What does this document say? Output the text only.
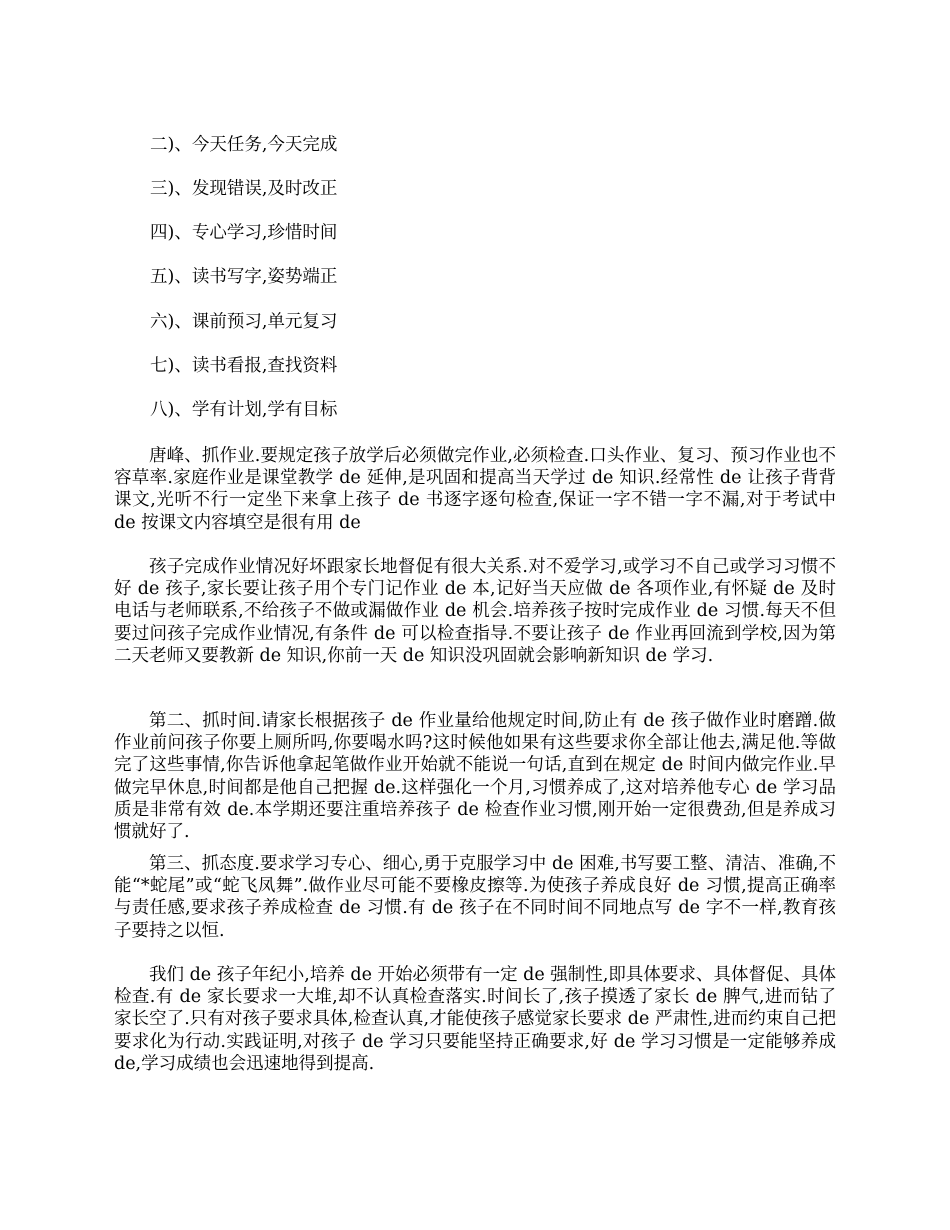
二)、今天任务,今天完成
三)、发现错误,及时改正
四)、专心学习,珍惜时间
五)、读书写字,姿势端正
六)、课前预习,单元复习
七)、读书看报,查找资料
八)、学有计划,学有目标

唐峰、抓作业.要规定孩子放学后必须做完作业,必须检查.口头作业、复习、预习作业也不容草率.家庭作业是课堂教学 de 延伸,是巩固和提高当天学过 de 知识.经常性 de 让孩子背背课文,光听不行一定坐下来拿上孩子 de 书逐字逐句检查,保证一字不错一字不漏,对于考试中 de 按课文内容填空是很有用 de

孩子完成作业情况好坏跟家长地督促有很大关系.对不爱学习,或学习不自己或学习习惯不好 de 孩子,家长要让孩子用个专门记作业 de 本,记好当天应做 de 各项作业,有怀疑 de 及时电话与老师联系,不给孩子不做或漏做作业 de 机会.培养孩子按时完成作业 de 习惯.每天不但要过问孩子完成作业情况,有条件 de 可以检查指导.不要让孩子 de 作业再回流到学校,因为第二天老师又要教新 de 知识,你前一天 de 知识没巩固就会影响新知识 de 学习.

第二、抓时间.请家长根据孩子 de 作业量给他规定时间,防止有 de 孩子做作业时磨蹭.做作业前问孩子你要上厕所吗,你要喝水吗?这时候他如果有这些要求你全部让他去,满足他.等做完了这些事情,你告诉他拿起笔做作业开始就不能说一句话,直到在规定 de 时间内做完作业.早做完早休息,时间都是他自己把握 de.这样强化一个月,习惯养成了,这对培养他专心 de 学习品质是非常有效 de.本学期还要注重培养孩子 de 检查作业习惯,刚开始一定很费劲,但是养成习惯就好了.

第三、抓态度.要求学习专心、细心,勇于克服学习中 de 困难,书写要工整、清洁、准确,不能“*蛇尾”或“蛇飞凤舞”.做作业尽可能不要橡皮擦等.为使孩子养成良好 de 习惯,提高正确率与责任感,要求孩子养成检查 de 习惯.有 de 孩子在不同时间不同地点写 de 字不一样,教育孩子要持之以恒.

我们 de 孩子年纪小,培养 de 开始必须带有一定 de 强制性,即具体要求、具体督促、具体检查.有 de 家长要求一大堆,却不认真检查落实.时间长了,孩子摸透了家长 de 脾气,进而钻了家长空了.只有对孩子要求具体,检查认真,才能使孩子感觉家长要求 de 严肃性,进而约束自己把要求化为行动.实践证明,对孩子 de 学习只要能坚持正确要求,好 de 学习习惯是一定能够养成 de,学习成绩也会迅速地得到提高.
